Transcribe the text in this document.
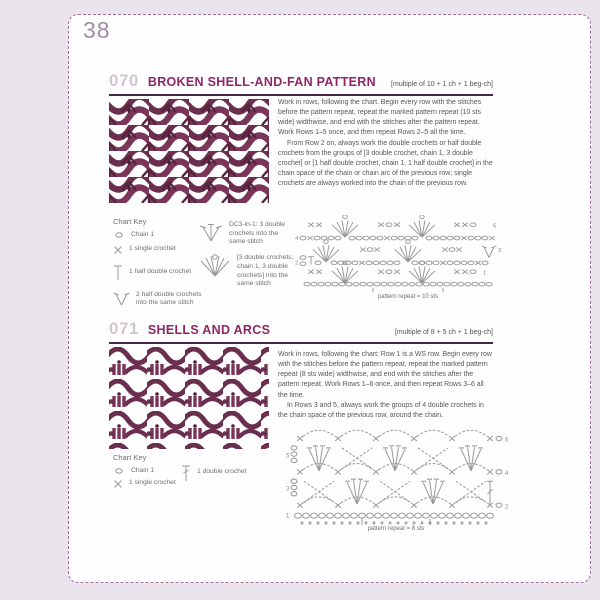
38
070 BROKEN SHELL-AND-FAN PATTERN [multiple of 10 + 1 ch + 1 beg-ch]

Work in rows, following the chart. Begin every row with the stitches before the pattern repeat, repeat the marked pattern repeat (10 sts wide) widthwise, and end with the stitches after the pattern repeat. Work Rows 1–5 once, and then repeat Rows 2–5 all the time.

From Row 2 on, always work the double crochets or half double crochets from the groups of [3 double crochet, chain 1, 3 double crochet] or [1 half double crochet, chain 1, 1 half double crochet] in the chain space of the chain or chain arc of the previous row; single crochets are always worked into the chain of the previous row.

Chart Key

Chain 1
1 single crochet
1 half double crochet
2 half double crochets into the same stitch
DC3-in-1: 3 double crochets into the same stitch
[3 double crochets, chain 1, 3 double crochets] into the same stitch
5
4
3
2
1
pattern repeat = 10 sts
071 SHELLS AND ARCS	[multiple of 8 + 5 ch + 1 beg-ch]

Work in rows, following the chart; Row 1 is a WS row. Begin every row with the stitches before the pattern repeat, repeat the marked pattern repeat (8 sts wide) widthwise, and end with the stitches after the pattern repeat. Work Rows 1–6 once, and then repeat Rows 3–6 all the time.

In Rows 3 and 5, always work the groups of 4 double crochets in the chain space of the previous row, around the chain.

Chart Key

Chain 1
1 single crochet
1 double crochet
6
5
4
3
2
1
pattern repeat = 8 sts
